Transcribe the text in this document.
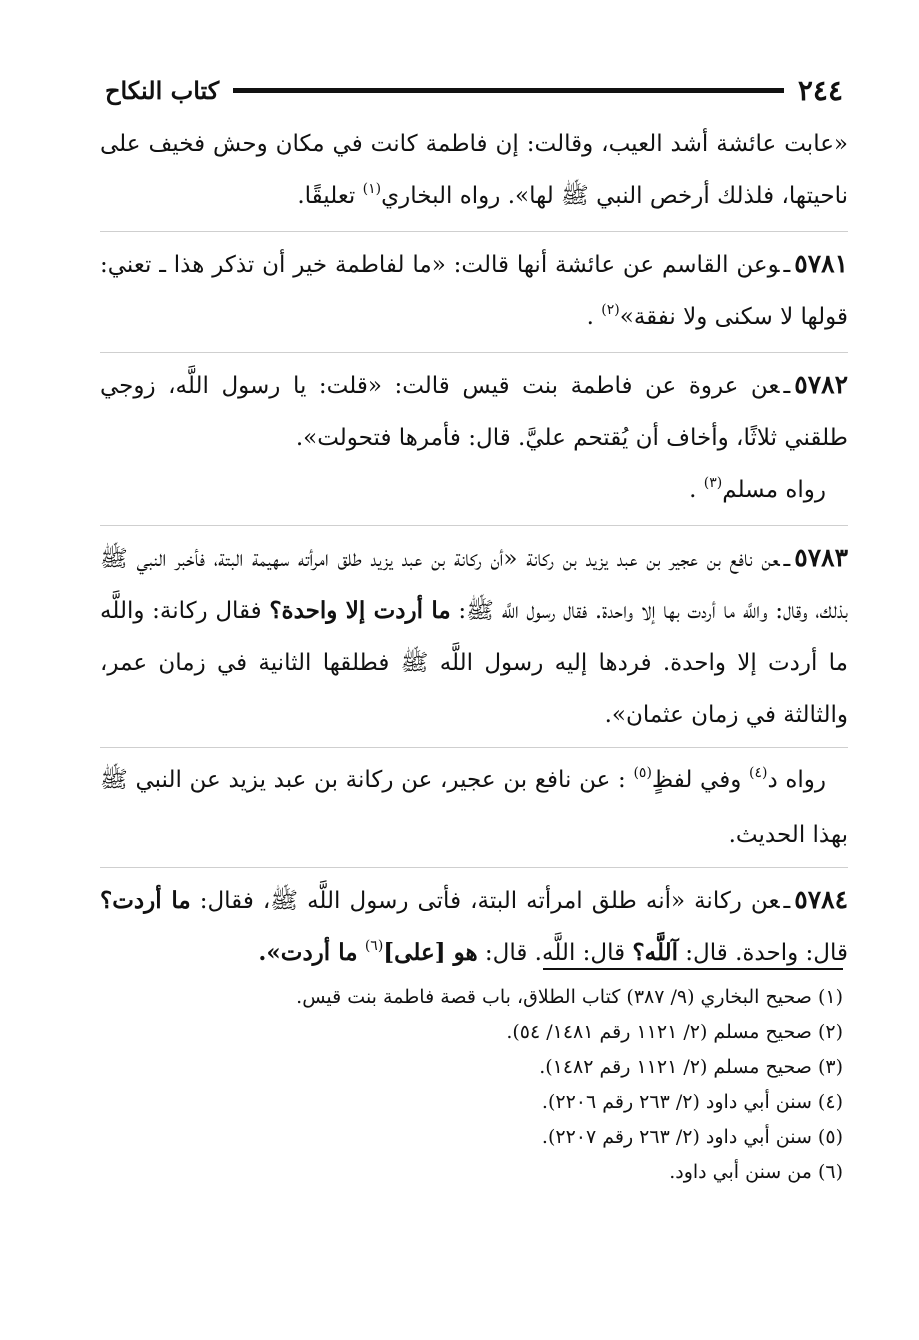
٢٤٤
كتاب النكاح

«عابت عائشة أشد العيب، وقالت: إن فاطمة كانت في مكان وحش فخيف على ناحيتها، فلذلك أرخص النبي ﷺ لها». رواه البخاري$^{(١)}$ تعليقًا.

٥٧٨١ـوعن القاسم عن عائشة أنها قالت: «ما لفاطمة خير أن تذكر هذا ـ تعني: قولها لا سكنى ولا نفقة»$^{(٢)}$ .

٥٧٨٢ـعن عروة عن فاطمة بنت قيس قالت: «قلت: يا رسول اللَّه، زوجي طلقني ثلاثًا، وأخاف أن يُقتحم عليَّ. قال: فأمرها فتحولت».
رواه مسلم$^{(٣)}$ .

٥٧٨٣ـعن نافع بن عجير بن عبد يزيد بن ركانة «أن ركانة بن عبد يزيد طلق امرأته سهيمة البتة، فأخبر النبي ﷺ بذلك، وقال: واللَّه ما أردت بها إلا واحدة. فقال رسول اللَّه ﷺ: ما أردت إلا واحدة؟ فقال ركانة: واللَّه ما أردت إلا واحدة. فردها إليه رسول اللَّه ﷺ فطلقها الثانية في زمان عمر، والثالثة في زمان عثمان».

رواه د$^{(٤)}$ وفي لفظٍ$^{(٥)}$ : عن نافع بن عجير، عن ركانة بن عبد يزيد عن النبي ﷺ بهذا الحديث.

٥٧٨٤ـعن ركانة «أنه طلق امرأته البتة، فأتى رسول اللَّه ﷺ، فقال: ما أردت؟ قال: واحدة. قال: آللَّه؟ قال: اللَّه. قال: هو [على]$^{(٦)}$ ما أردت».

(١) صحيح البخاري (٩/ ٣٨٧) كتاب الطلاق، باب قصة فاطمة بنت قيس.
(٢) صحيح مسلم (٢/ ١١٢١ رقم ١٤٨١/ ٥٤).
(٣) صحيح مسلم (٢/ ١١٢١ رقم ١٤٨٢).
(٤) سنن أبي داود (٢/ ٢٦٣ رقم ٢٢٠٦).
(٥) سنن أبي داود (٢/ ٢٦٣ رقم ٢٢٠٧).
(٦) من سنن أبي داود.
